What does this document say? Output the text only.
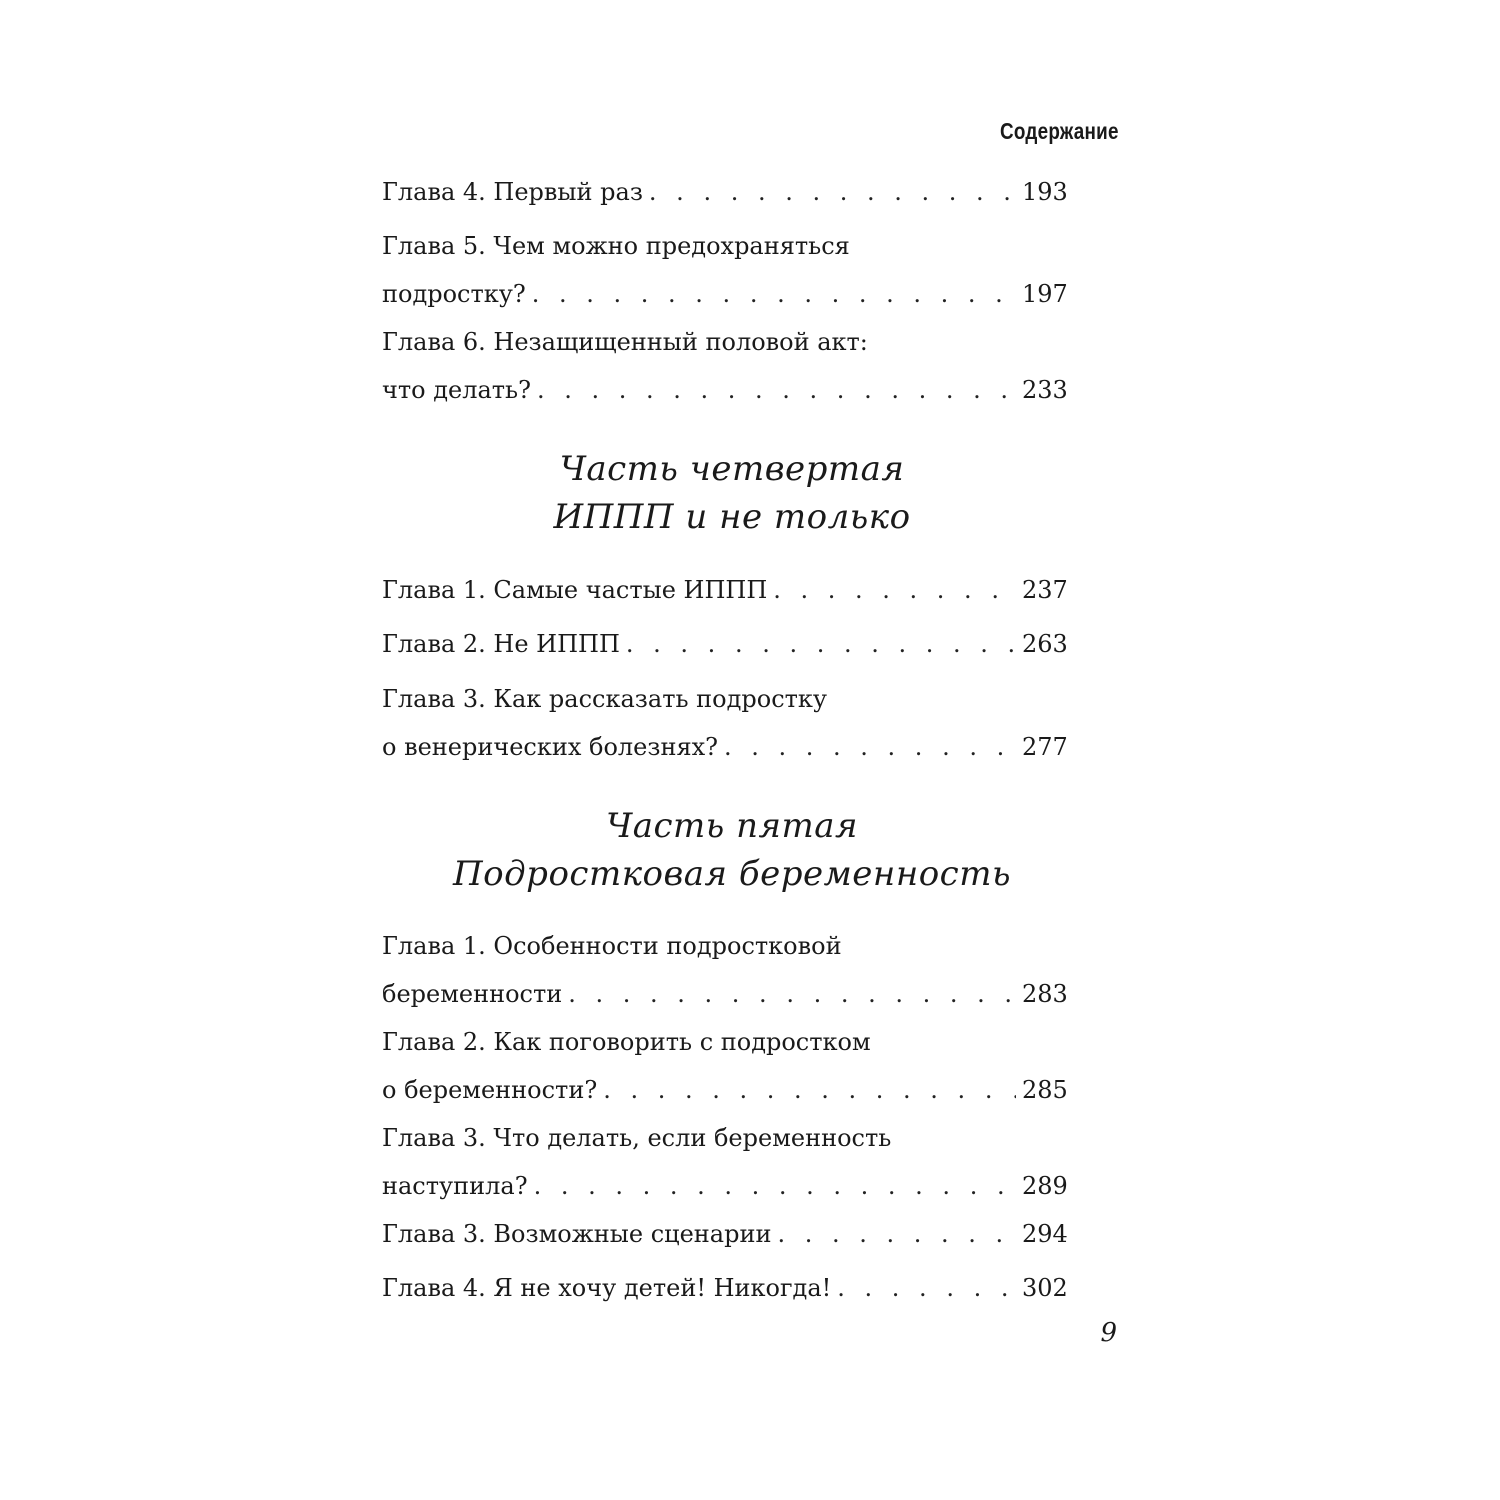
Содержание
Глава 4. Первый раз . . .	193
Глава 5. Чем можно предохраняться
подростку? . . .	197
Глава 6. Незащищенный половой акт:
что делать? . . .	233
Часть четвертая
ИППП и не только
Глава 1. Самые частые ИППП . . .	237
Глава 2. Не ИППП . . .	263
Глава 3. Как рассказать подростку
о венерических болезнях? . . .	277
Часть пятая
Подростковая беременность
Глава 1. Особенности подростковой
беременности . . .	283
Глава 2. Как поговорить с подростком
о беременности? . . .	285
Глава 3. Что делать, если беременность
наступила? . . .	289
Глава 3. Возможные сценарии . . .	294
Глава 4. Я не хочу детей! Никогда! . . .	302
9
